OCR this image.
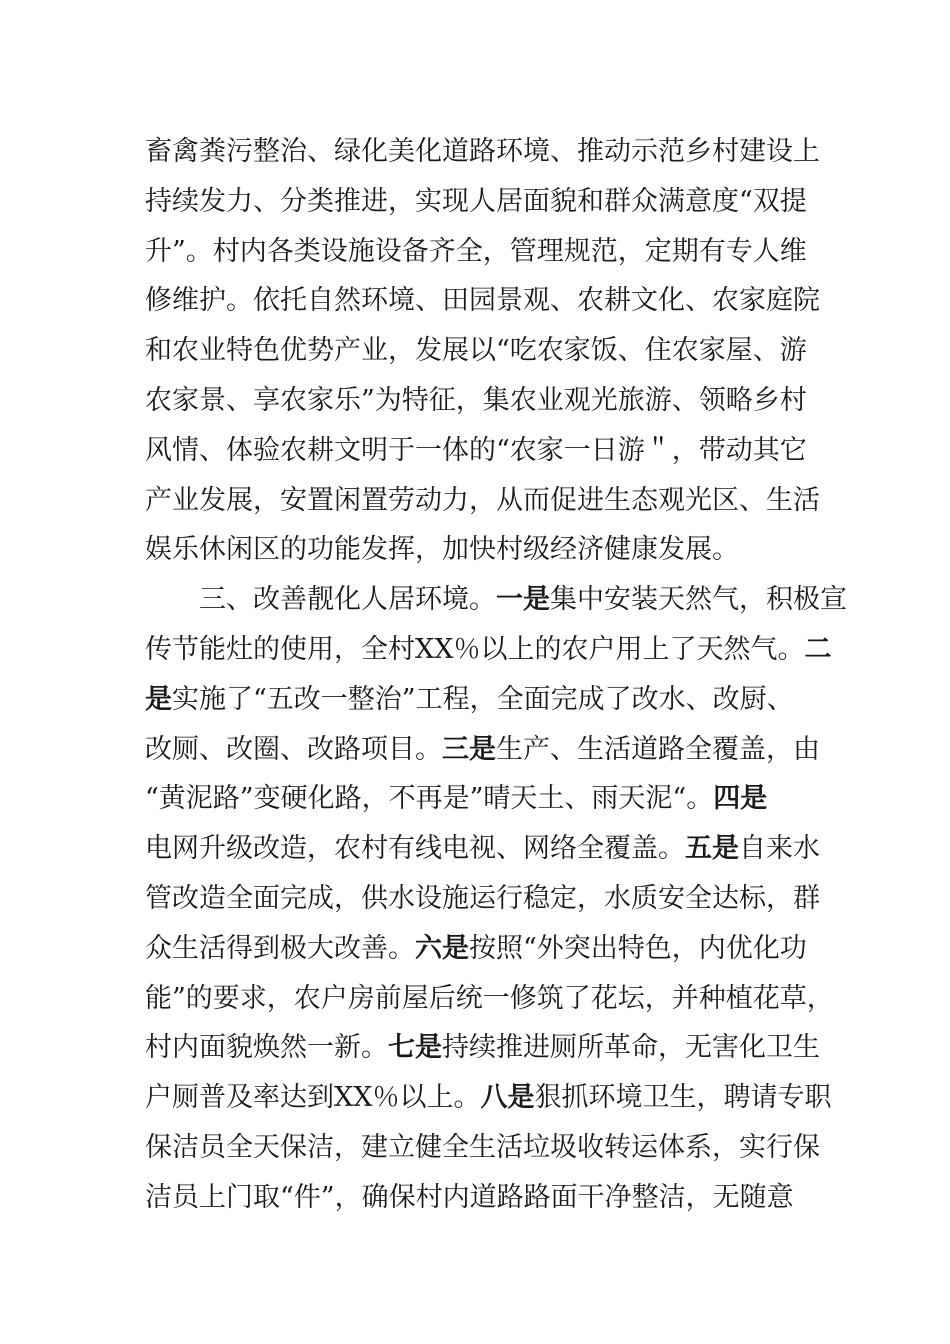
畜禽粪污整治、绿化美化道路环境、推动示范乡村建设上
持续发力、分类推进，实现人居面貌和群众满意度“双提
升”。村内各类设施设备齐全，管理规范，定期有专人维
修维护。依托自然环境、田园景观、农耕文化、农家庭院
和农业特色优势产业，发展以“吃农家饭、住农家屋、游
农家景、享农家乐”为特征，集农业观光旅游、领略乡村
风情、体验农耕文明于一体的“农家一日游＂，带动其它
产业发展，安置闲置劳动力，从而促进生态观光区、生活
娱乐休闲区的功能发挥，加快村级经济健康发展。
　　三、改善靓化人居环境。一是集中安装天然气，积极宣
传节能灶的使用，全村XX％以上的农户用上了天然气。二
是实施了“五改一整治”工程，全面完成了改水、改厨、
改厕、改圈、改路项目。三是生产、生活道路全覆盖，由
“黄泥路”变硬化路，不再是”晴天土、雨天泥“。四是
电网升级改造，农村有线电视、网络全覆盖。五是自来水
管改造全面完成，供水设施运行稳定，水质安全达标，群
众生活得到极大改善。六是按照“外突出特色，内优化功
能”的要求，农户房前屋后统一修筑了花坛，并种植花草，
村内面貌焕然一新。七是持续推进厕所革命，无害化卫生
户厕普及率达到XX％以上。八是狠抓环境卫生，聘请专职
保洁员全天保洁，建立健全生活垃圾收转运体系，实行保
洁员上门取“件”，确保村内道路路面干净整洁，无随意
